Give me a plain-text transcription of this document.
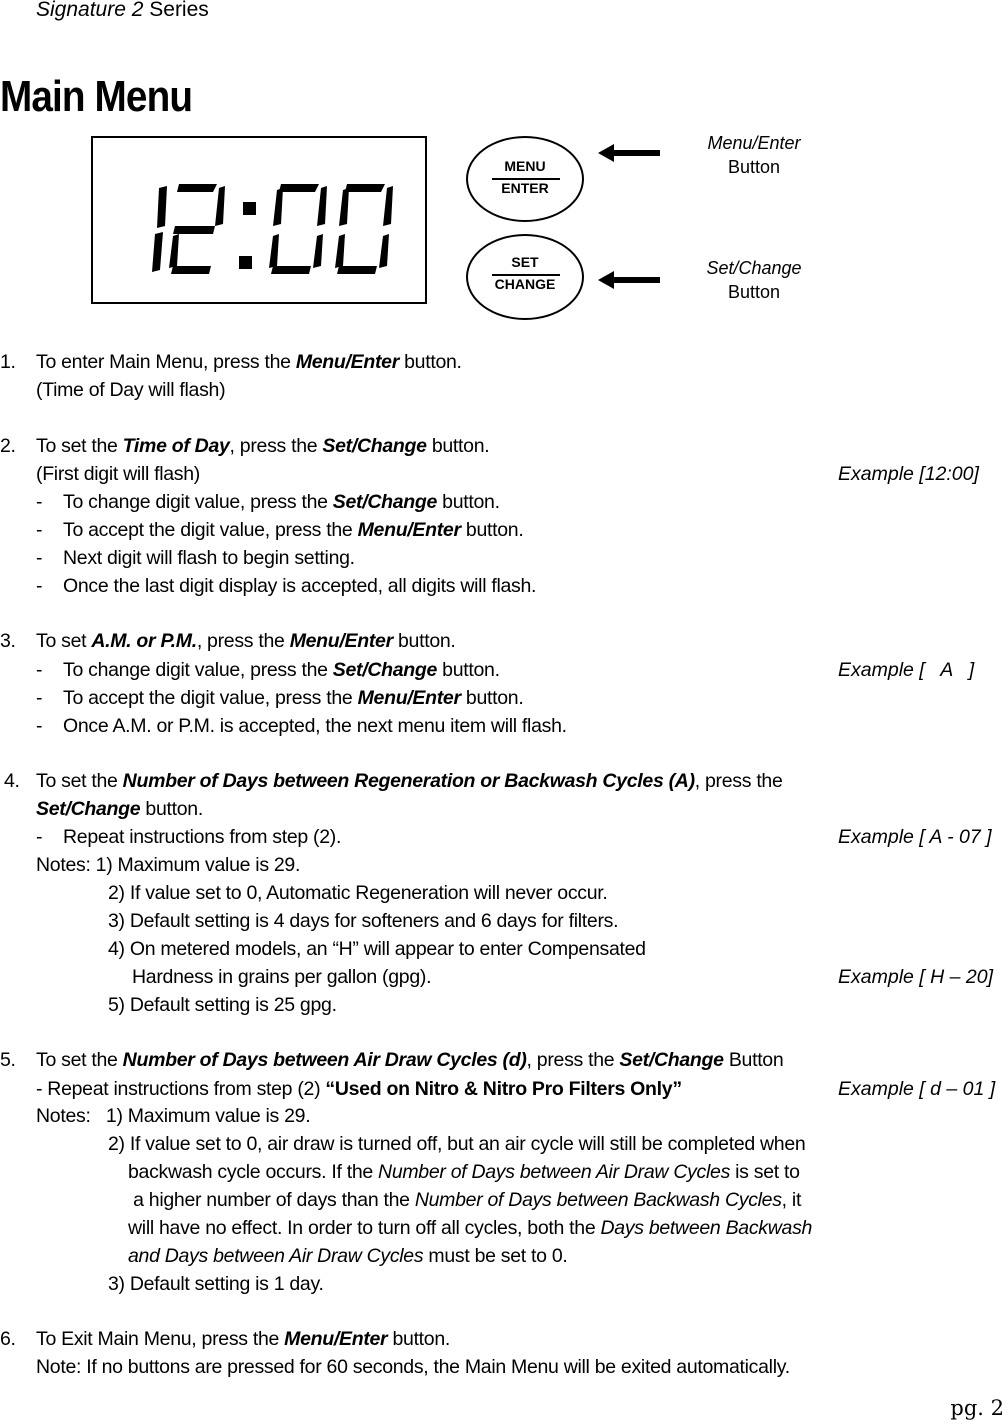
Signature 2 Series
Main Menu
MENU
ENTER
SET
CHANGE
Menu/Enter
Button
Set/Change
Button
1. To enter Main Menu, press the Menu/Enter button.
(Time of Day will flash)
2. To set the Time of Day, press the Set/Change button.
(First digit will flash)	Example [12:00]
- To change digit value, press the Set/Change button.
- To accept the digit value, press the Menu/Enter button.
- Next digit will flash to begin setting.
- Once the last digit display is accepted, all digits will flash.
3. To set A.M. or P.M., press the Menu/Enter button.
- To change digit value, press the Set/Change button.	Example [   A   ]
- To accept the digit value, press the Menu/Enter button.
- Once A.M. or P.M. is accepted, the next menu item will flash.
4. To set the Number of Days between Regeneration or Backwash Cycles (A), press the
Set/Change button.
- Repeat instructions from step (2).	Example [ A - 07 ]
Notes: 1) Maximum value is 29.
2) If value set to 0, Automatic Regeneration will never occur.
3) Default setting is 4 days for softeners and 6 days for filters.
4) On metered models, an “H” will appear to enter Compensated
Hardness in grains per gallon (gpg).	Example [ H – 20]
5) Default setting is 25 gpg.
5. To set the Number of Days between Air Draw Cycles (d), press the Set/Change Button
- Repeat instructions from step (2) “Used on Nitro & Nitro Pro Filters Only”	Example [ d – 01 ]
Notes:   1) Maximum value is 29.
2) If value set to 0, air draw is turned off, but an air cycle will still be completed when
backwash cycle occurs. If the Number of Days between Air Draw Cycles is set to
a higher number of days than the Number of Days between Backwash Cycles, it
will have no effect. In order to turn off all cycles, both the Days between Backwash
and Days between Air Draw Cycles must be set to 0.
3) Default setting is 1 day.
6. To Exit Main Menu, press the Menu/Enter button.
Note: If no buttons are pressed for 60 seconds, the Main Menu will be exited automatically.
pg. 2
